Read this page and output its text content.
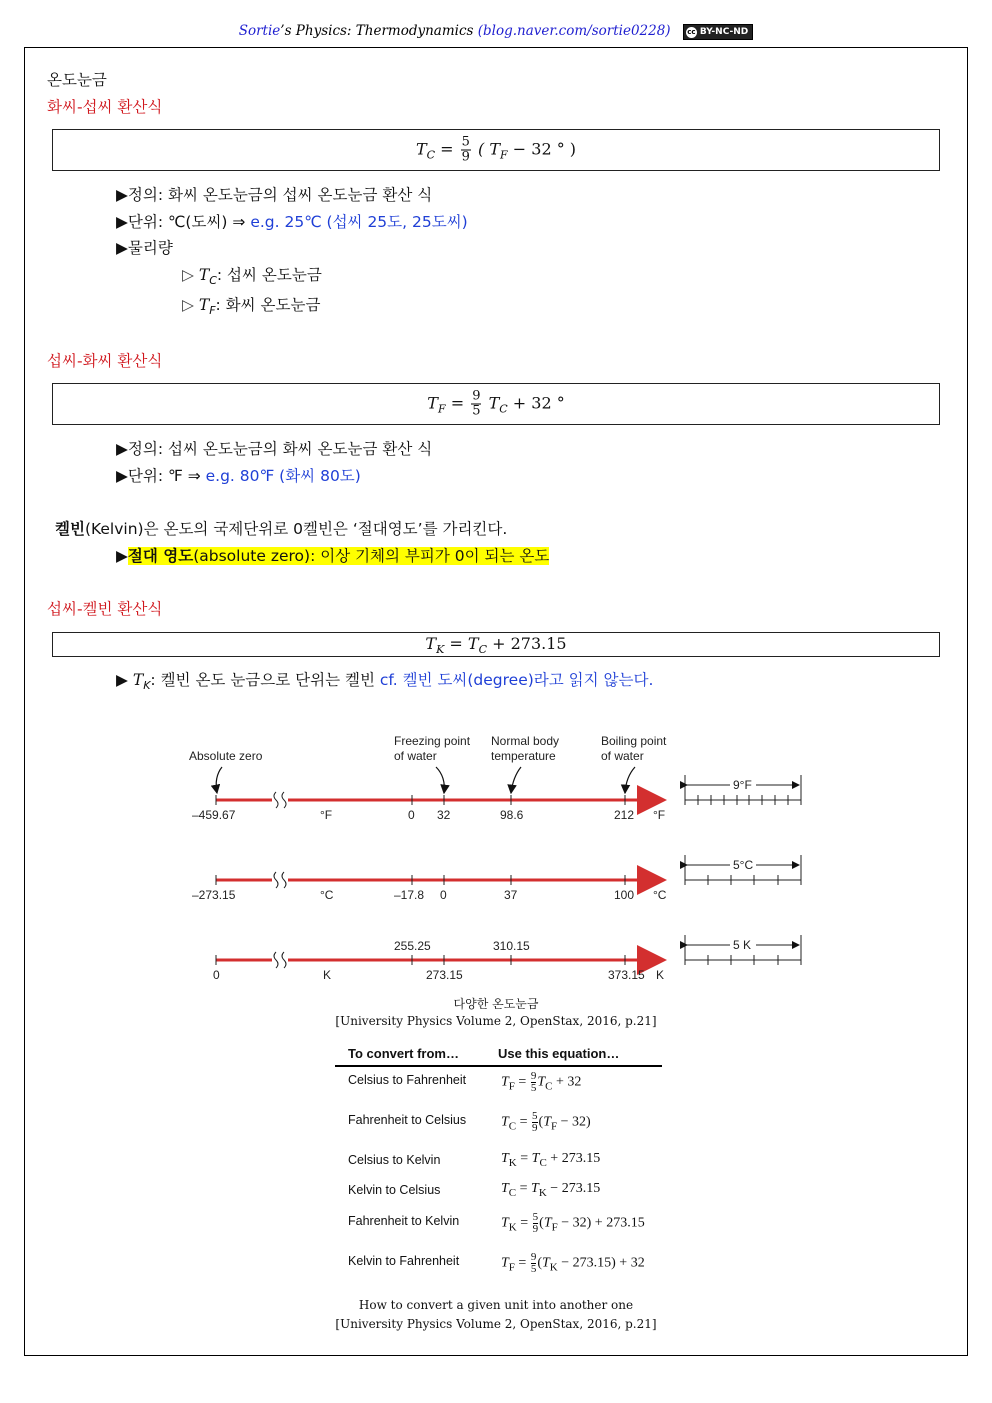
Sortie’s Physics: Thermodynamics (blog.naver.com/sortie0228) cc BY-NC-ND
온도눈금
화씨-섭씨 환산식
$T_C = \frac{5}{9}$ ( $T_F - 32$ ° )
▶정의: 화씨 온도눈금의 섭씨 온도눈금 환산 식
▶단위: ℃(도씨) ⇒ e.g. 25℃ (섭씨 25도, 25도씨)
▶물리량
▷ $T_C$: 섭씨 온도눈금
▷ $T_F$: 화씨 온도눈금
섭씨-화씨 환산식
$T_F = \frac{9}{5} T_C + 32$ °
▶정의: 섭씨 온도눈금의 화씨 온도눈금 환산 식
▶단위: ℉ ⇒ e.g. 80℉ (화씨 80도)
켈빈(Kelvin)은 온도의 국제단위로 0켈빈은 ‘절대영도’를 가리킨다.
▶절대 영도(absolute zero): 이상 기체의 부피가 0이 되는 온도
섭씨-켈빈 환산식
$T_K = T_C + 273.15$
▶ $T_K$: 켈빈 온도 눈금으로 단위는 켈빈 cf. 켈빈 도씨(degree)라고 읽지 않는다.
Absolute zero
Freezing point
of water
Normal body
temperature
Boiling point
of water
–459.67	°F	0 32	98.6	212 °F
9°F
–273.15	°C	–17.8 0	37	100 °C
5°C
255.25	310.15
0	K	273.15	373.15 K
5 K
다양한 온도눈금
[University Physics Volume 2, OpenStax, 2016, p.21]
To convert from…	Use this equation…
Celsius to Fahrenheit $T_F = \frac{9}{5} T_C + 32$
Fahrenheit to Celsius $T_C = \frac{5}{9} (T_F - 32)$
Celsius to Kelvin	$T_K = T_C + 273.15$
Kelvin to Celsius	$T_C = T_K - 273.15$
Fahrenheit to Kelvin	$T_K = \frac{5}{9} (T_F - 32) + 273.15$
Kelvin to Fahrenheit	$T_F = \frac{9}{5} (T_K - 273.15) + 32$
How to convert a given unit into another one
[University Physics Volume 2, OpenStax, 2016, p.21]
